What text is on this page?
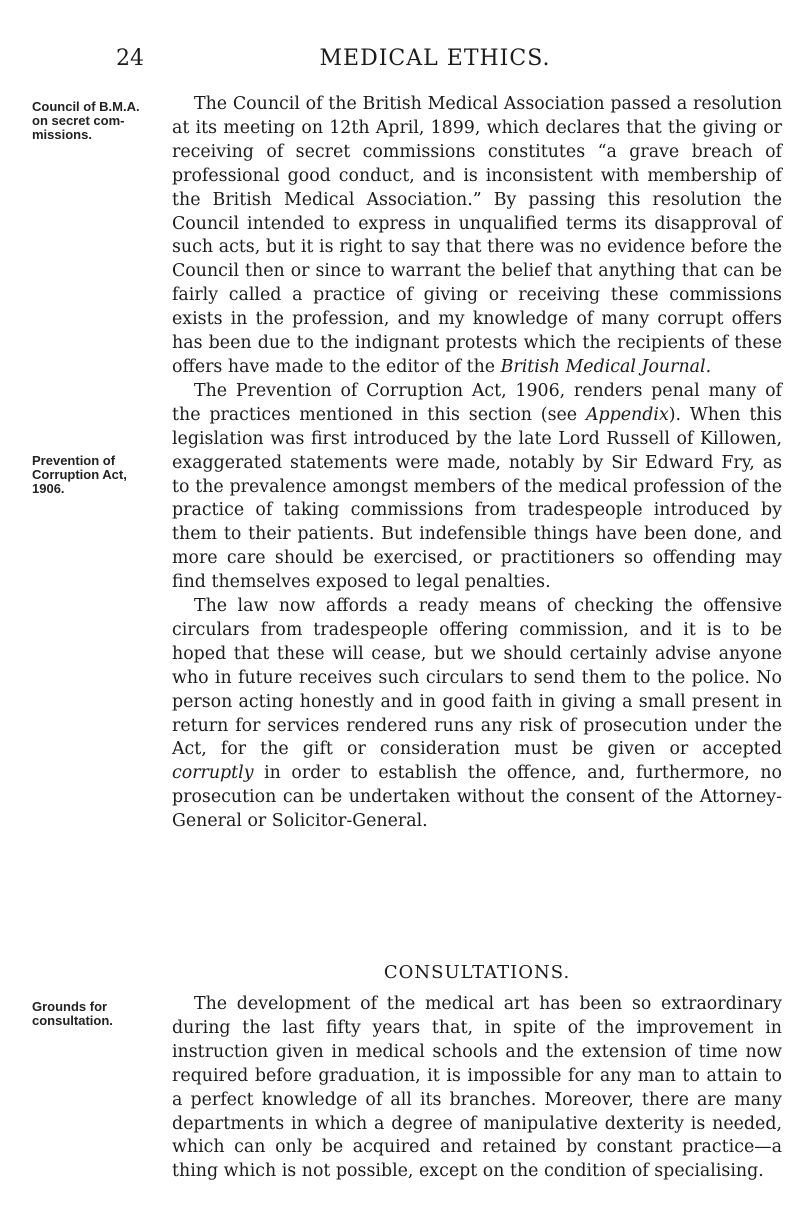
24	MEDICAL ETHICS.
Council of B.M.A. on secret com-missions.
Prevention of Corruption Act, 1906.
Grounds for consultation.

The Council of the British Medical Association passed a resolution at its meeting on 12th April, 1899, which declares that the giving or receiving of secret commissions constitutes “a grave breach of professional good conduct, and is inconsistent with membership of the British Medical Association.” By passing this resolution the Council intended to express in unqualified terms its disapproval of such acts, but it is right to say that there was no evidence before the Council then or since to warrant the belief that anything that can be fairly called a practice of giving or receiving these commissions exists in the profession, and my knowledge of many corrupt offers has been due to the indignant protests which the recipients of these offers have made to the editor of the British Medical Journal.

The Prevention of Corruption Act, 1906, renders penal many of the practices mentioned in this section (see Appendix). When this legislation was first introduced by the late Lord Russell of Killowen, exaggerated statements were made, notably by Sir Edward Fry, as to the prevalence amongst members of the medical profession of the practice of taking commissions from tradespeople introduced by them to their patients. But indefensible things have been done, and more care should be exercised, or practitioners so offending may find themselves exposed to legal penalties.

The law now affords a ready means of checking the offensive circulars from tradespeople offering commission, and it is to be hoped that these will cease, but we should certainly advise anyone who in future receives such circulars to send them to the police. No person acting honestly and in good faith in giving a small present in return for services rendered runs any risk of prosecution under the Act, for the gift or consideration must be given or accepted corruptly in order to establish the offence, and, furthermore, no prosecution can be undertaken without the consent of the Attorney-General or Solicitor-General.

CONSULTATIONS.

The development of the medical art has been so extraordinary during the last fifty years that, in spite of the improvement in instruction given in medical schools and the extension of time now required before graduation, it is impossible for any man to attain to a perfect knowledge of all its branches. Moreover, there are many departments in which a degree of manipulative dexterity is needed, which can only be acquired and retained by constant practice—a thing which is not possible, except on the condition of specialising.
